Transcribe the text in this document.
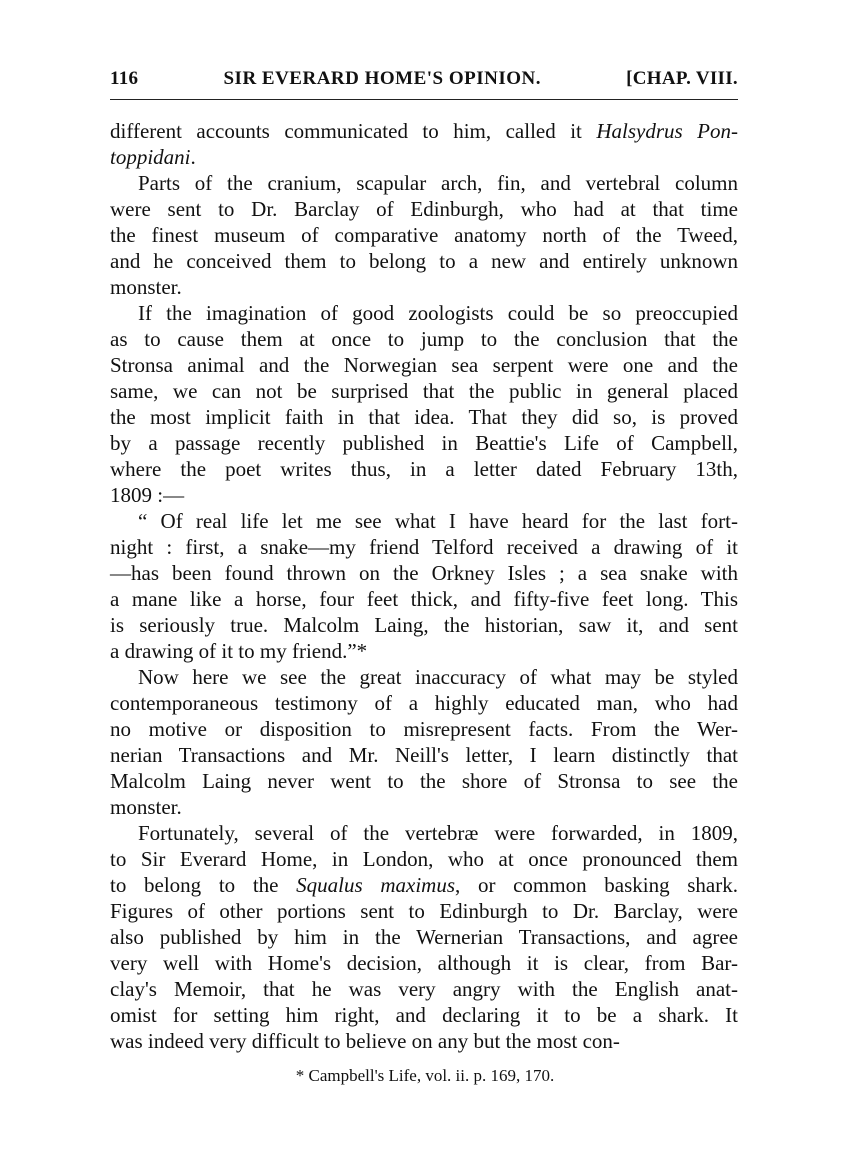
116	SIR EVERARD HOME'S OPINION.	[CHAP. VIII.
different accounts communicated to him, called it Halsydrus Pon-
toppidani.
Parts of the cranium, scapular arch, fin, and vertebral column
were sent to Dr. Barclay of Edinburgh, who had at that time
the finest museum of comparative anatomy north of the Tweed,
and he conceived them to belong to a new and entirely unknown
monster.
If the imagination of good zoologists could be so preoccupied
as to cause them at once to jump to the conclusion that the
Stronsa animal and the Norwegian sea serpent were one and the
same, we can not be surprised that the public in general placed
the most implicit faith in that idea. That they did so, is proved
by a passage recently published in Beattie's Life of Campbell,
where the poet writes thus, in a letter dated February 13th,
1809 :—
“ Of real life let me see what I have heard for the last fort-
night : first, a snake—my friend Telford received a drawing of it
—has been found thrown on the Orkney Isles ; a sea snake with
a mane like a horse, four feet thick, and fifty-five feet long. This
is seriously true. Malcolm Laing, the historian, saw it, and sent
a drawing of it to my friend.”*
Now here we see the great inaccuracy of what may be styled
contemporaneous testimony of a highly educated man, who had
no motive or disposition to misrepresent facts. From the Wer-
nerian Transactions and Mr. Neill's letter, I learn distinctly that
Malcolm Laing never went to the shore of Stronsa to see the
monster.
Fortunately, several of the vertebræ were forwarded, in 1809,
to Sir Everard Home, in London, who at once pronounced them
to belong to the Squalus maximus, or common basking shark.
Figures of other portions sent to Edinburgh to Dr. Barclay, were
also published by him in the Wernerian Transactions, and agree
very well with Home's decision, although it is clear, from Bar-
clay's Memoir, that he was very angry with the English anat-
omist for setting him right, and declaring it to be a shark. It
was indeed very difficult to believe on any but the most con-
* Campbell's Life, vol. ii. p. 169, 170.
